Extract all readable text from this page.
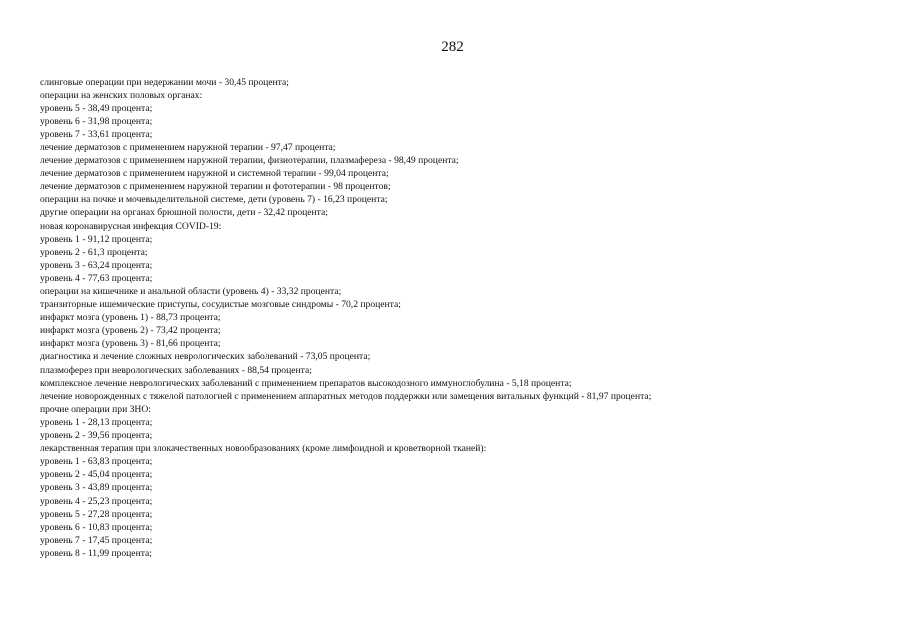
282
слинговые операции при недержании мочи - 30,45 процента;
операции на женских половых органах:
уровень 5 - 38,49 процента;
уровень 6 - 31,98 процента;
уровень 7 - 33,61 процента;
лечение дерматозов с применением наружной терапии - 97,47 процента;
лечение дерматозов с применением наружной терапии, физиотерапии, плазмафереза - 98,49 процента;
лечение дерматозов с применением наружной и системной терапии - 99,04 процента;
лечение дерматозов с применением наружной терапии и фототерапии - 98 процентов;
операции на почке и мочевыделительной системе, дети (уровень 7) - 16,23 процента;
другие операции на органах брюшной полости, дети - 32,42 процента;
новая коронавирусная инфекция COVID-19:
уровень 1 - 91,12 процента;
уровень 2 - 61,3 процента;
уровень 3 - 63,24 процента;
уровень 4 - 77,63 процента;
операции на кишечнике и анальной области (уровень 4) - 33,32 процента;
транзиторные ишемические приступы, сосудистые мозговые синдромы - 70,2 процента;
инфаркт мозга (уровень 1) - 88,73 процента;
инфаркт мозга (уровень 2) - 73,42 процента;
инфаркт мозга (уровень 3) - 81,66 процента;
диагностика и лечение сложных неврологических заболеваний - 73,05 процента;
плазмоферез при неврологических заболеваниях - 88,54 процента;
комплексное лечение неврологических заболеваний с применением препаратов высокодозного иммуноглобулина - 5,18 процента;
лечение новорожденных с тяжелой патологией с применением аппаратных методов поддержки или замещения витальных функций - 81,97 процента;
прочие операции при ЗНО:
уровень 1 - 28,13 процента;
уровень 2 - 39,56 процента;
лекарственная терапия при злокачественных новообразованиях (кроме лимфоидной и кроветворной тканей):
уровень 1 - 63,83 процента;
уровень 2 - 45,04 процента;
уровень 3 - 43,89 процента;
уровень 4 - 25,23 процента;
уровень 5 - 27,28 процента;
уровень 6 - 10,83 процента;
уровень 7 - 17,45 процента;
уровень 8 - 11,99 процента;
